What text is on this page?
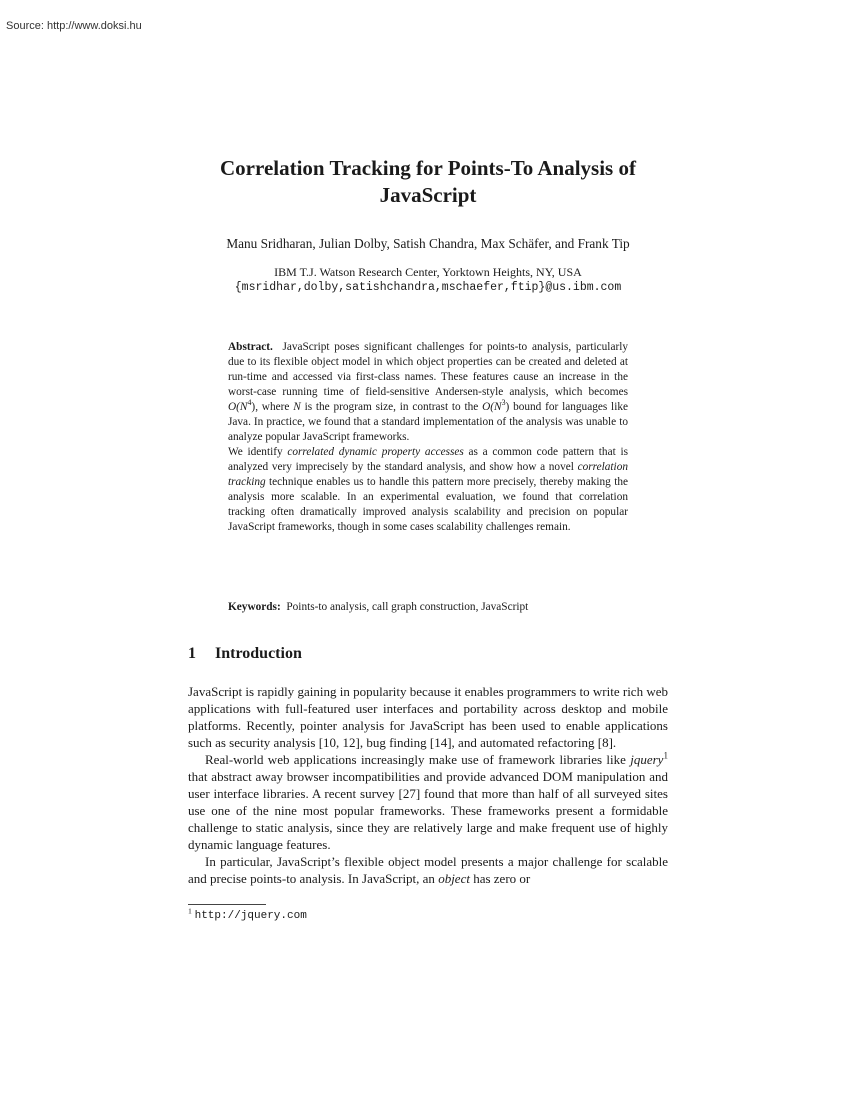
Source: http://www.doksi.hu
Correlation Tracking for Points-To Analysis of
JavaScript
Manu Sridharan, Julian Dolby, Satish Chandra, Max Schäfer, and Frank Tip
IBM T.J. Watson Research Center, Yorktown Heights, NY, USA
{msridhar,dolby,satishchandra,mschaefer,ftip}@us.ibm.com

Abstract. JavaScript poses significant challenges for points-to analysis, particularly due to its flexible object model in which object properties can be created and deleted at run-time and accessed via first-class names. These features cause an increase in the worst-case running time of field-sensitive Andersen-style analysis, which becomes $O(N^4)$, where N is the program size, in contrast to the $O(N^3)$ bound for languages like Java. In practice, we found that a standard implementation of the analysis was unable to analyze popular JavaScript frameworks.

We identify correlated dynamic property accesses as a common code pattern that is analyzed very imprecisely by the standard analysis, and show how a novel correlation tracking technique enables us to handle this pattern more precisely, thereby making the analysis more scalable. In an experimental evaluation, we found that correlation tracking often dramatically improved analysis scalability and precision on popular JavaScript frameworks, though in some cases scalability challenges remain.

Keywords: Points-to analysis, call graph construction, JavaScript
1 Introduction

JavaScript is rapidly gaining in popularity because it enables programmers to write rich web applications with full-featured user interfaces and portability across desktop and mobile platforms. Recently, pointer analysis for JavaScript has been used to enable applications such as security analysis [10, 12], bug finding [14], and automated refactoring [8].

Real-world web applications increasingly make use of framework libraries like jquery$^1$ that abstract away browser incompatibilities and provide advanced DOM manipulation and user interface libraries. A recent survey [27] found that more than half of all surveyed sites use one of the nine most popular frameworks. These frameworks present a formidable challenge to static analysis, since they are relatively large and make frequent use of highly dynamic language features.

In particular, JavaScript’s flexible object model presents a major challenge for scalable and precise points-to analysis. In JavaScript, an object has zero or

$^1$ http://jquery.com
